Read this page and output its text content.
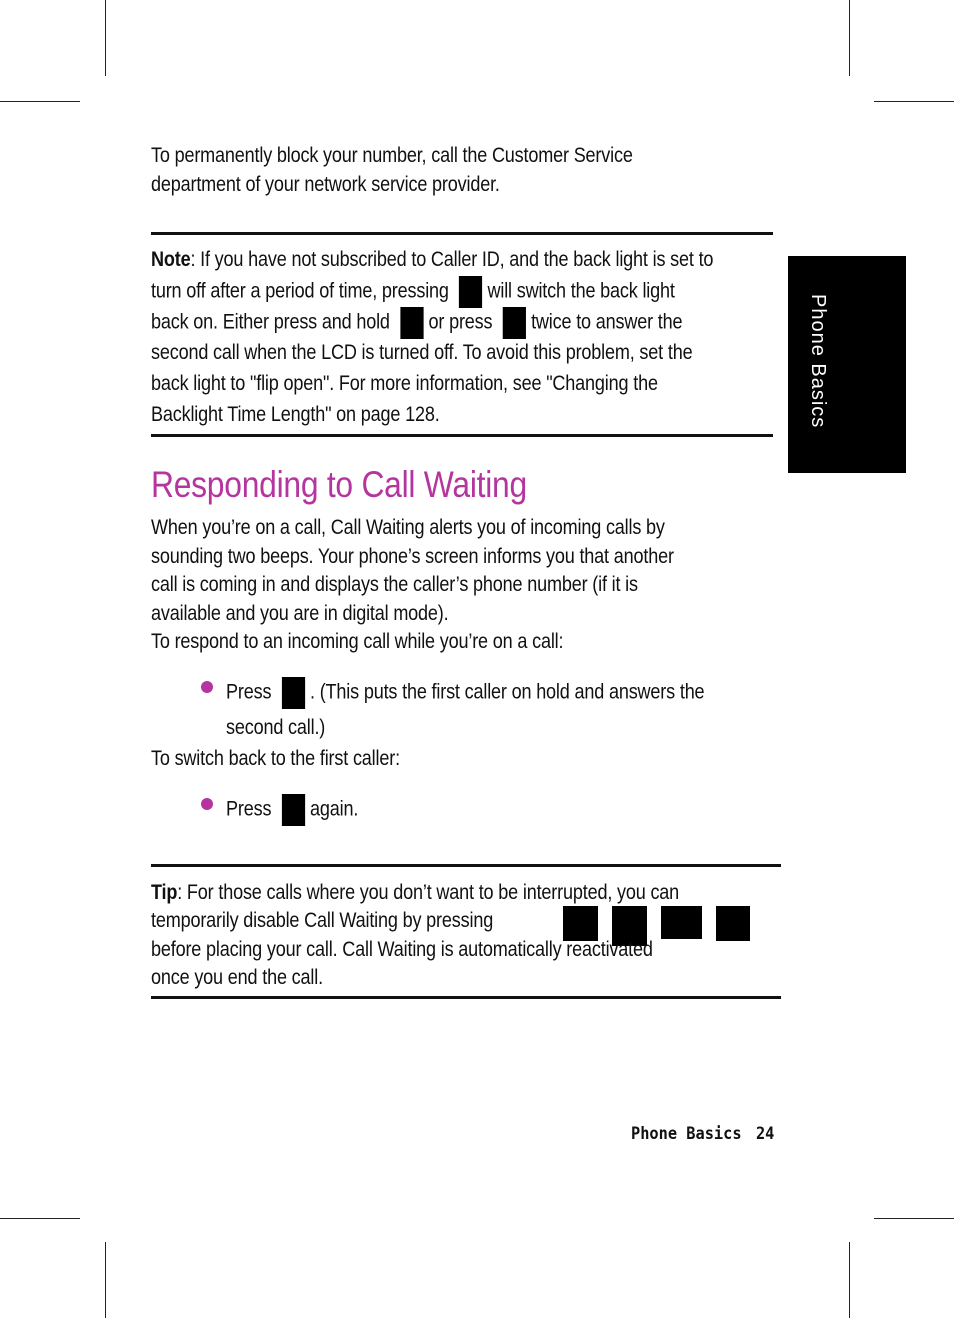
To permanently block your number, call the Customer Service
department of your network service provider.
Note: If you have not subscribed to Caller ID, and the back light is set to
turn off after a period of time, pressing will switch the back light
back on. Either press and hold or press twice to answer the
second call when the LCD is turned off. To avoid this problem, set the
back light to "flip open". For more information, see "Changing the
Backlight Time Length" on page 128.
Responding to Call Waiting
When you’re on a call, Call Waiting alerts you of incoming calls by
sounding two beeps. Your phone’s screen informs you that another
call is coming in and displays the caller’s phone number (if it is
available and you are in digital mode).
To respond to an incoming call while you’re on a call:
Press . (This puts the first caller on hold and answers the
second call.)
To switch back to the first caller:
Press again.
Tip: For those calls where you don’t want to be interrupted, you can
temporarily disable Call Waiting by pressing
before placing your call. Call Waiting is automatically reactivated
once you end the call.
Phone Basics
Phone Basics 24
